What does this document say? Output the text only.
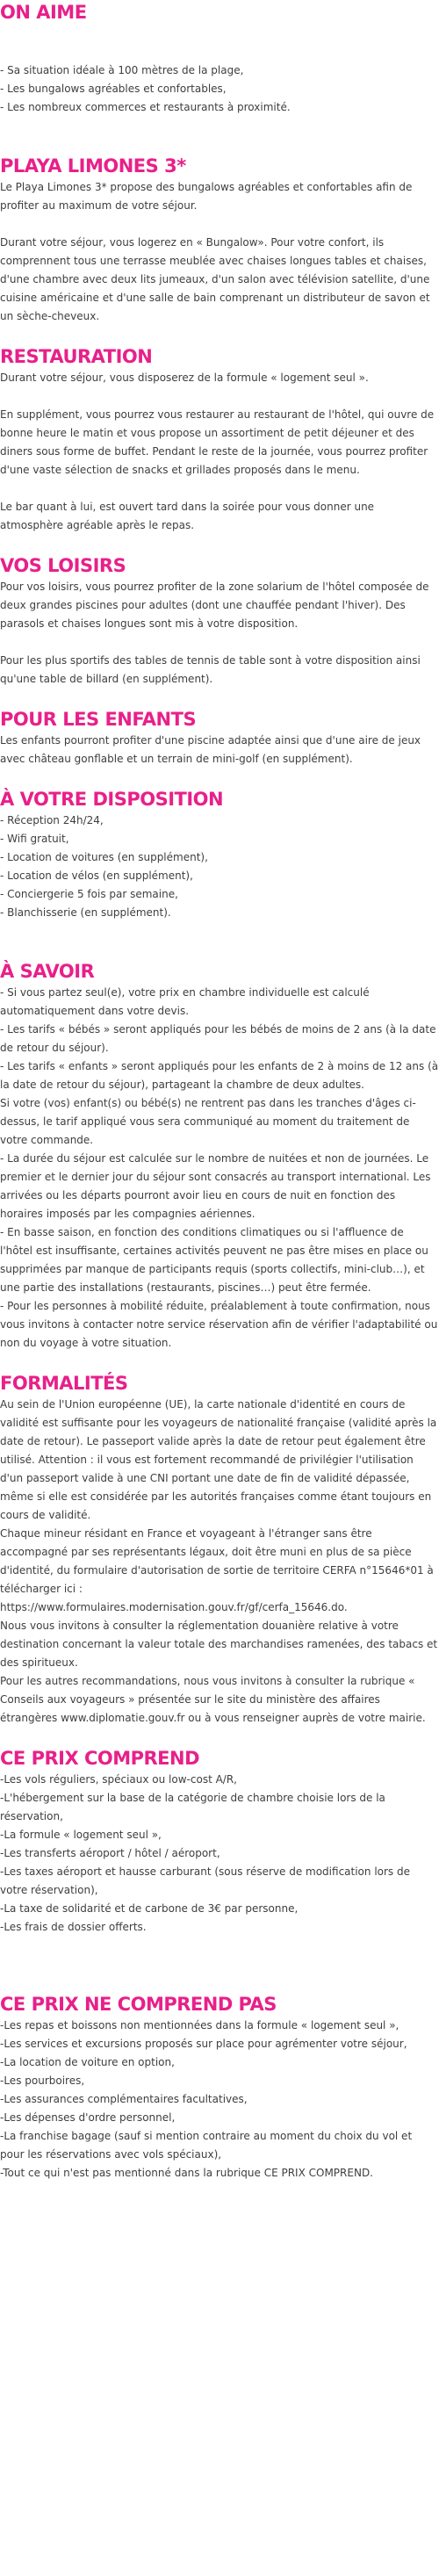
ON AIME
- Sa situation idéale à 100 mètres de la plage,
- Les bungalows agréables et confortables,
- Les nombreux commerces et restaurants à proximité.
PLAYA LIMONES 3*
Le Playa Limones 3* propose des bungalows agréables et confortables afin de profiter au maximum de votre séjour.
Durant votre séjour, vous logerez en « Bungalow». Pour votre confort, ils comprennent tous une terrasse meublée avec chaises longues tables et chaises, d'une chambre avec deux lits jumeaux, d'un salon avec télévision satellite, d'une cuisine américaine et d'une salle de bain comprenant un distributeur de savon et un sèche-cheveux.
RESTAURATION
Durant votre séjour, vous disposerez de la formule « logement seul ».
En supplément, vous pourrez vous restaurer au restaurant de l'hôtel, qui ouvre de bonne heure le matin et vous propose un assortiment de petit déjeuner et des diners sous forme de buffet. Pendant le reste de la journée, vous pourrez profiter d'une vaste sélection de snacks et grillades proposés dans le menu.
Le bar quant à lui, est ouvert tard dans la soirée pour vous donner une atmosphère agréable après le repas.
VOS LOISIRS
Pour vos loisirs, vous pourrez profiter de la zone solarium de l'hôtel composée de deux grandes piscines pour adultes (dont une chauffée pendant l'hiver). Des parasols et chaises longues sont mis à votre disposition.
Pour les plus sportifs des tables de tennis de table sont à votre disposition ainsi qu'une table de billard (en supplément).
POUR LES ENFANTS
Les enfants pourront profiter d'une piscine adaptée ainsi que d'une aire de jeux avec château gonflable et un terrain de mini-golf (en supplément).
À VOTRE DISPOSITION
- Réception 24h/24,
- Wifi gratuit,
- Location de voitures (en supplément),
- Location de vélos (en supplément),
- Conciergerie 5 fois par semaine,
- Blanchisserie (en supplément).
À SAVOIR
- Si vous partez seul(e), votre prix en chambre individuelle est calculé automatiquement dans votre devis.
- Les tarifs « bébés » seront appliqués pour les bébés de moins de 2 ans (à la date de retour du séjour).
- Les tarifs « enfants » seront appliqués pour les enfants de 2 à moins de 12 ans (à la date de retour du séjour), partageant la chambre de deux adultes.
Si votre (vos) enfant(s) ou bébé(s) ne rentrent pas dans les tranches d'âges ci-dessus, le tarif appliqué vous sera communiqué au moment du traitement de votre commande.
- La durée du séjour est calculée sur le nombre de nuitées et non de journées. Le premier et le dernier jour du séjour sont consacrés au transport international. Les arrivées ou les départs pourront avoir lieu en cours de nuit en fonction des horaires imposés par les compagnies aériennes.
- En basse saison, en fonction des conditions climatiques ou si l'affluence de l'hôtel est insuffisante, certaines activités peuvent ne pas être mises en place ou supprimées par manque de participants requis (sports collectifs, mini-club…), et une partie des installations (restaurants, piscines…) peut être fermée.
- Pour les personnes à mobilité réduite, préalablement à toute confirmation, nous vous invitons à contacter notre service réservation afin de vérifier l'adaptabilité ou non du voyage à votre situation.
FORMALITÉS
Au sein de l'Union européenne (UE), la carte nationale d'identité en cours de validité est suffisante pour les voyageurs de nationalité française (validité après la date de retour). Le passeport valide après la date de retour peut également être utilisé. Attention : il vous est fortement recommandé de privilégier l'utilisation d'un passeport valide à une CNI portant une date de fin de validité dépassée, même si elle est considérée par les autorités françaises comme étant toujours en cours de validité.
Chaque mineur résidant en France et voyageant à l'étranger sans être accompagné par ses représentants légaux, doit être muni en plus de sa pièce d'identité, du formulaire d'autorisation de sortie de territoire CERFA n°15646*01 à télécharger ici :
https://www.formulaires.modernisation.gouv.fr/gf/cerfa_15646.do.
Nous vous invitons à consulter la réglementation douanière relative à votre destination concernant la valeur totale des marchandises ramenées, des tabacs et des spiritueux.
Pour les autres recommandations, nous vous invitons à consulter la rubrique « Conseils aux voyageurs » présentée sur le site du ministère des affaires étrangères www.diplomatie.gouv.fr ou à vous renseigner auprès de votre mairie.
CE PRIX COMPREND
-Les vols réguliers, spéciaux ou low-cost A/R,
-L'hébergement sur la base de la catégorie de chambre choisie lors de la réservation,
-La formule « logement seul »,
-Les transferts aéroport / hôtel / aéroport,
-Les taxes aéroport et hausse carburant (sous réserve de modification lors de votre réservation),
-La taxe de solidarité et de carbone de 3€ par personne,
-Les frais de dossier offerts.
CE PRIX NE COMPREND PAS
-Les repas et boissons non mentionnées dans la formule « logement seul »,
-Les services et excursions proposés sur place pour agrémenter votre séjour,
-La location de voiture en option,
-Les pourboires,
-Les assurances complémentaires facultatives,
-Les dépenses d'ordre personnel,
-La franchise bagage (sauf si mention contraire au moment du choix du vol et pour les réservations avec vols spéciaux),
-Tout ce qui n'est pas mentionné dans la rubrique CE PRIX COMPREND.
